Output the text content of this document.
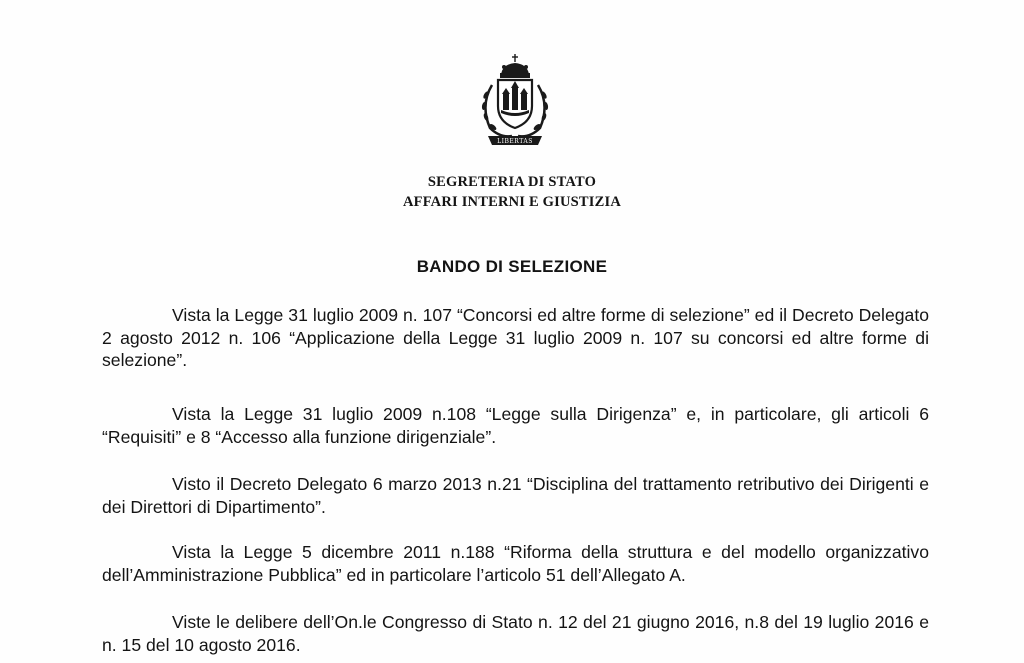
LIBERTAS
SEGRETERIA DI STATO
AFFARI INTERNI E GIUSTIZIA
BANDO DI SELEZIONE

Vista la Legge 31 luglio 2009 n. 107 “Concorsi ed altre forme di selezione” ed il Decreto Delegato 2 agosto 2012 n. 106 “Applicazione della Legge 31 luglio 2009 n. 107 su concorsi ed altre forme di selezione”.

Vista la Legge 31 luglio 2009 n.108 “Legge sulla Dirigenza” e, in particolare, gli articoli 6 “Requisiti” e 8 “Accesso alla funzione dirigenziale”.

Visto il Decreto Delegato 6 marzo 2013 n.21 “Disciplina del trattamento retributivo dei Dirigenti e dei Direttori di Dipartimento”.

Vista la Legge 5 dicembre 2011 n.188 “Riforma della struttura e del modello organizzativo dell’Amministrazione Pubblica” ed in particolare l’articolo 51 dell’Allegato A.

Viste le delibere dell’On.le Congresso di Stato n. 12 del 21 giugno 2016, n.8 del 19 luglio 2016 e n. 15 del 10 agosto 2016.
